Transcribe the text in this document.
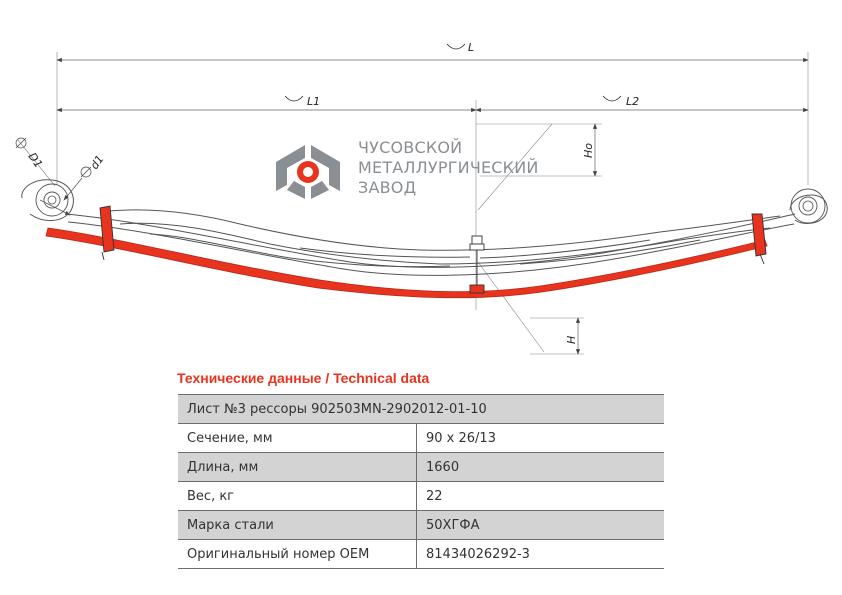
L
L1	L2
Ho
H
D1	d1
ЧУСОВСКОЙ
МЕТАЛЛУРГИЧЕСКИЙ
ЗАВОД
Технические данные / Technical data
Лист №3 рессоры 902503MN-2902012-01-10	
Сечение, мм	90 х 26/13
Длина, мм	1660
Вес, кг	22
Марка стали	50ХГФА
Оригинальный номер OEM	81434026292-3
